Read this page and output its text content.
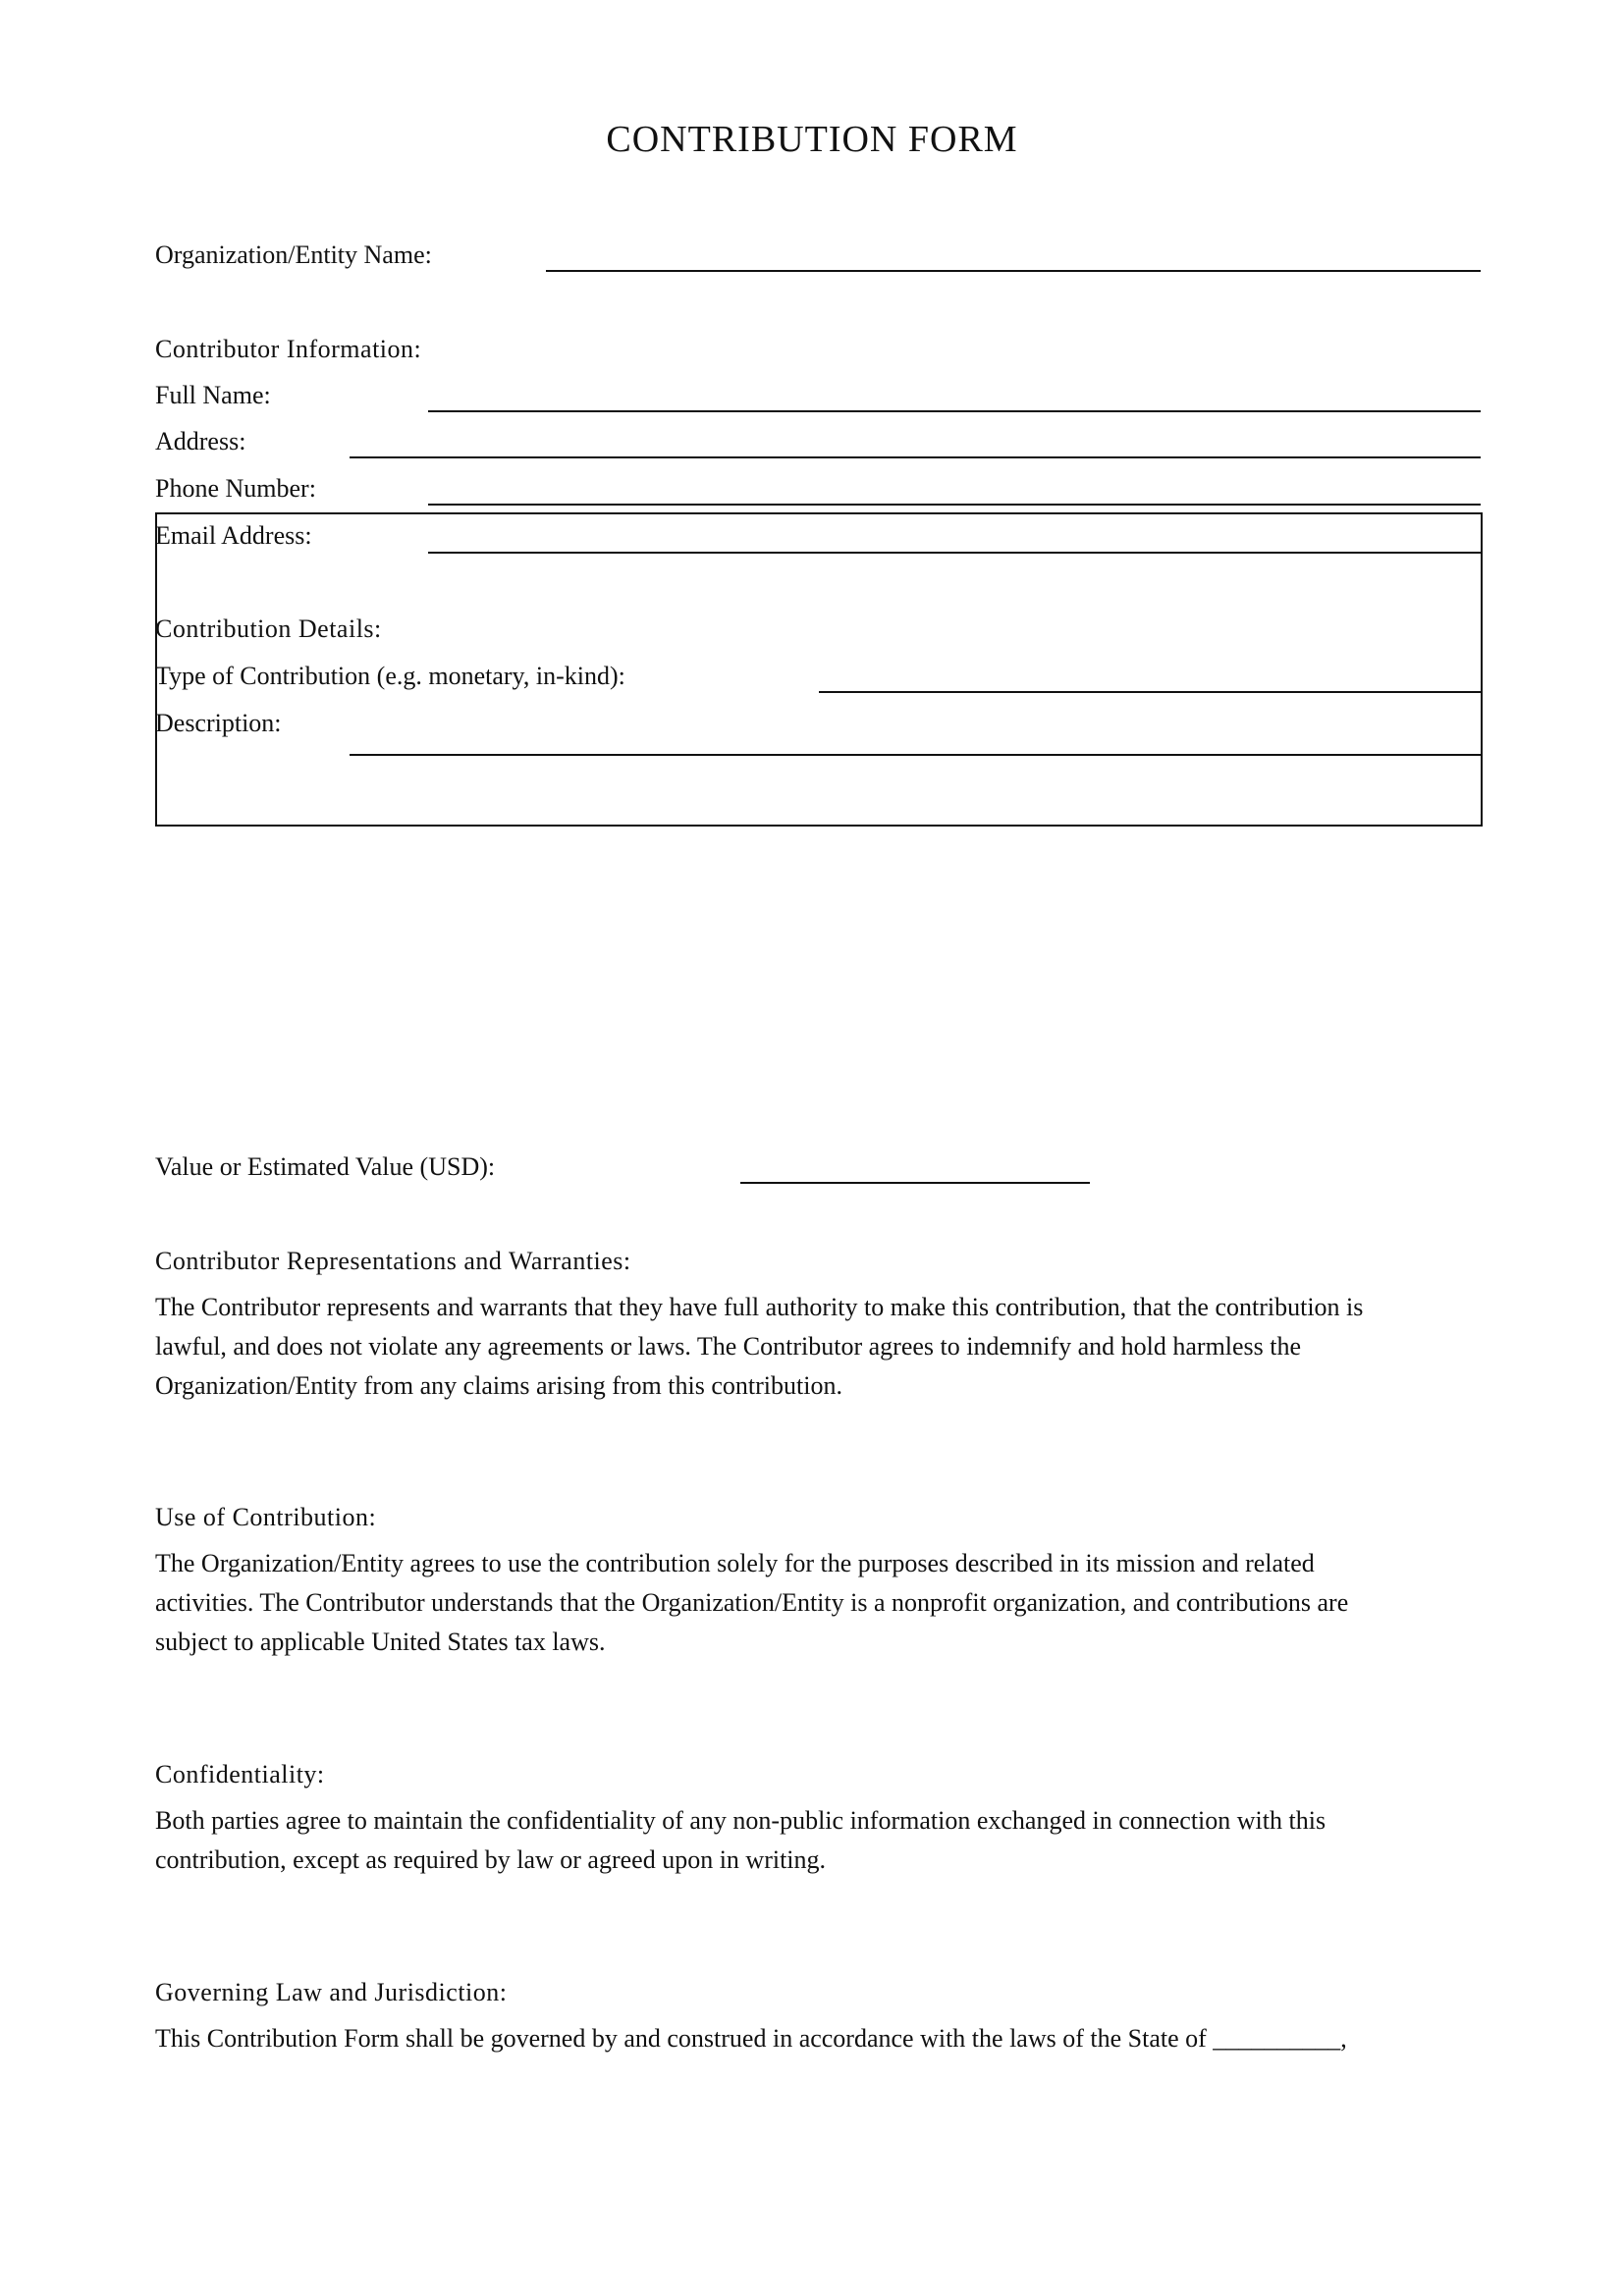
CONTRIBUTION FORM
Organization/Entity Name:
Contributor Information:
Full Name:
Address:
Phone Number:
Email Address:
Contribution Details:
Type of Contribution (e.g. monetary, in-kind):
Description:
Value or Estimated Value (USD):
Contributor Representations and Warranties:
The Contributor represents and warrants that they have full authority to make this contribution, that the contribution is
lawful, and does not violate any agreements or laws. The Contributor agrees to indemnify and hold harmless the
Organization/Entity from any claims arising from this contribution.
Use of Contribution:
The Organization/Entity agrees to use the contribution solely for the purposes described in its mission and related
activities. The Contributor understands that the Organization/Entity is a nonprofit organization, and contributions are
subject to applicable United States tax laws.
Confidentiality:
Both parties agree to maintain the confidentiality of any non-public information exchanged in connection with this
contribution, except as required by law or agreed upon in writing.
Governing Law and Jurisdiction:
This Contribution Form shall be governed by and construed in accordance with the laws of the State of __________,
